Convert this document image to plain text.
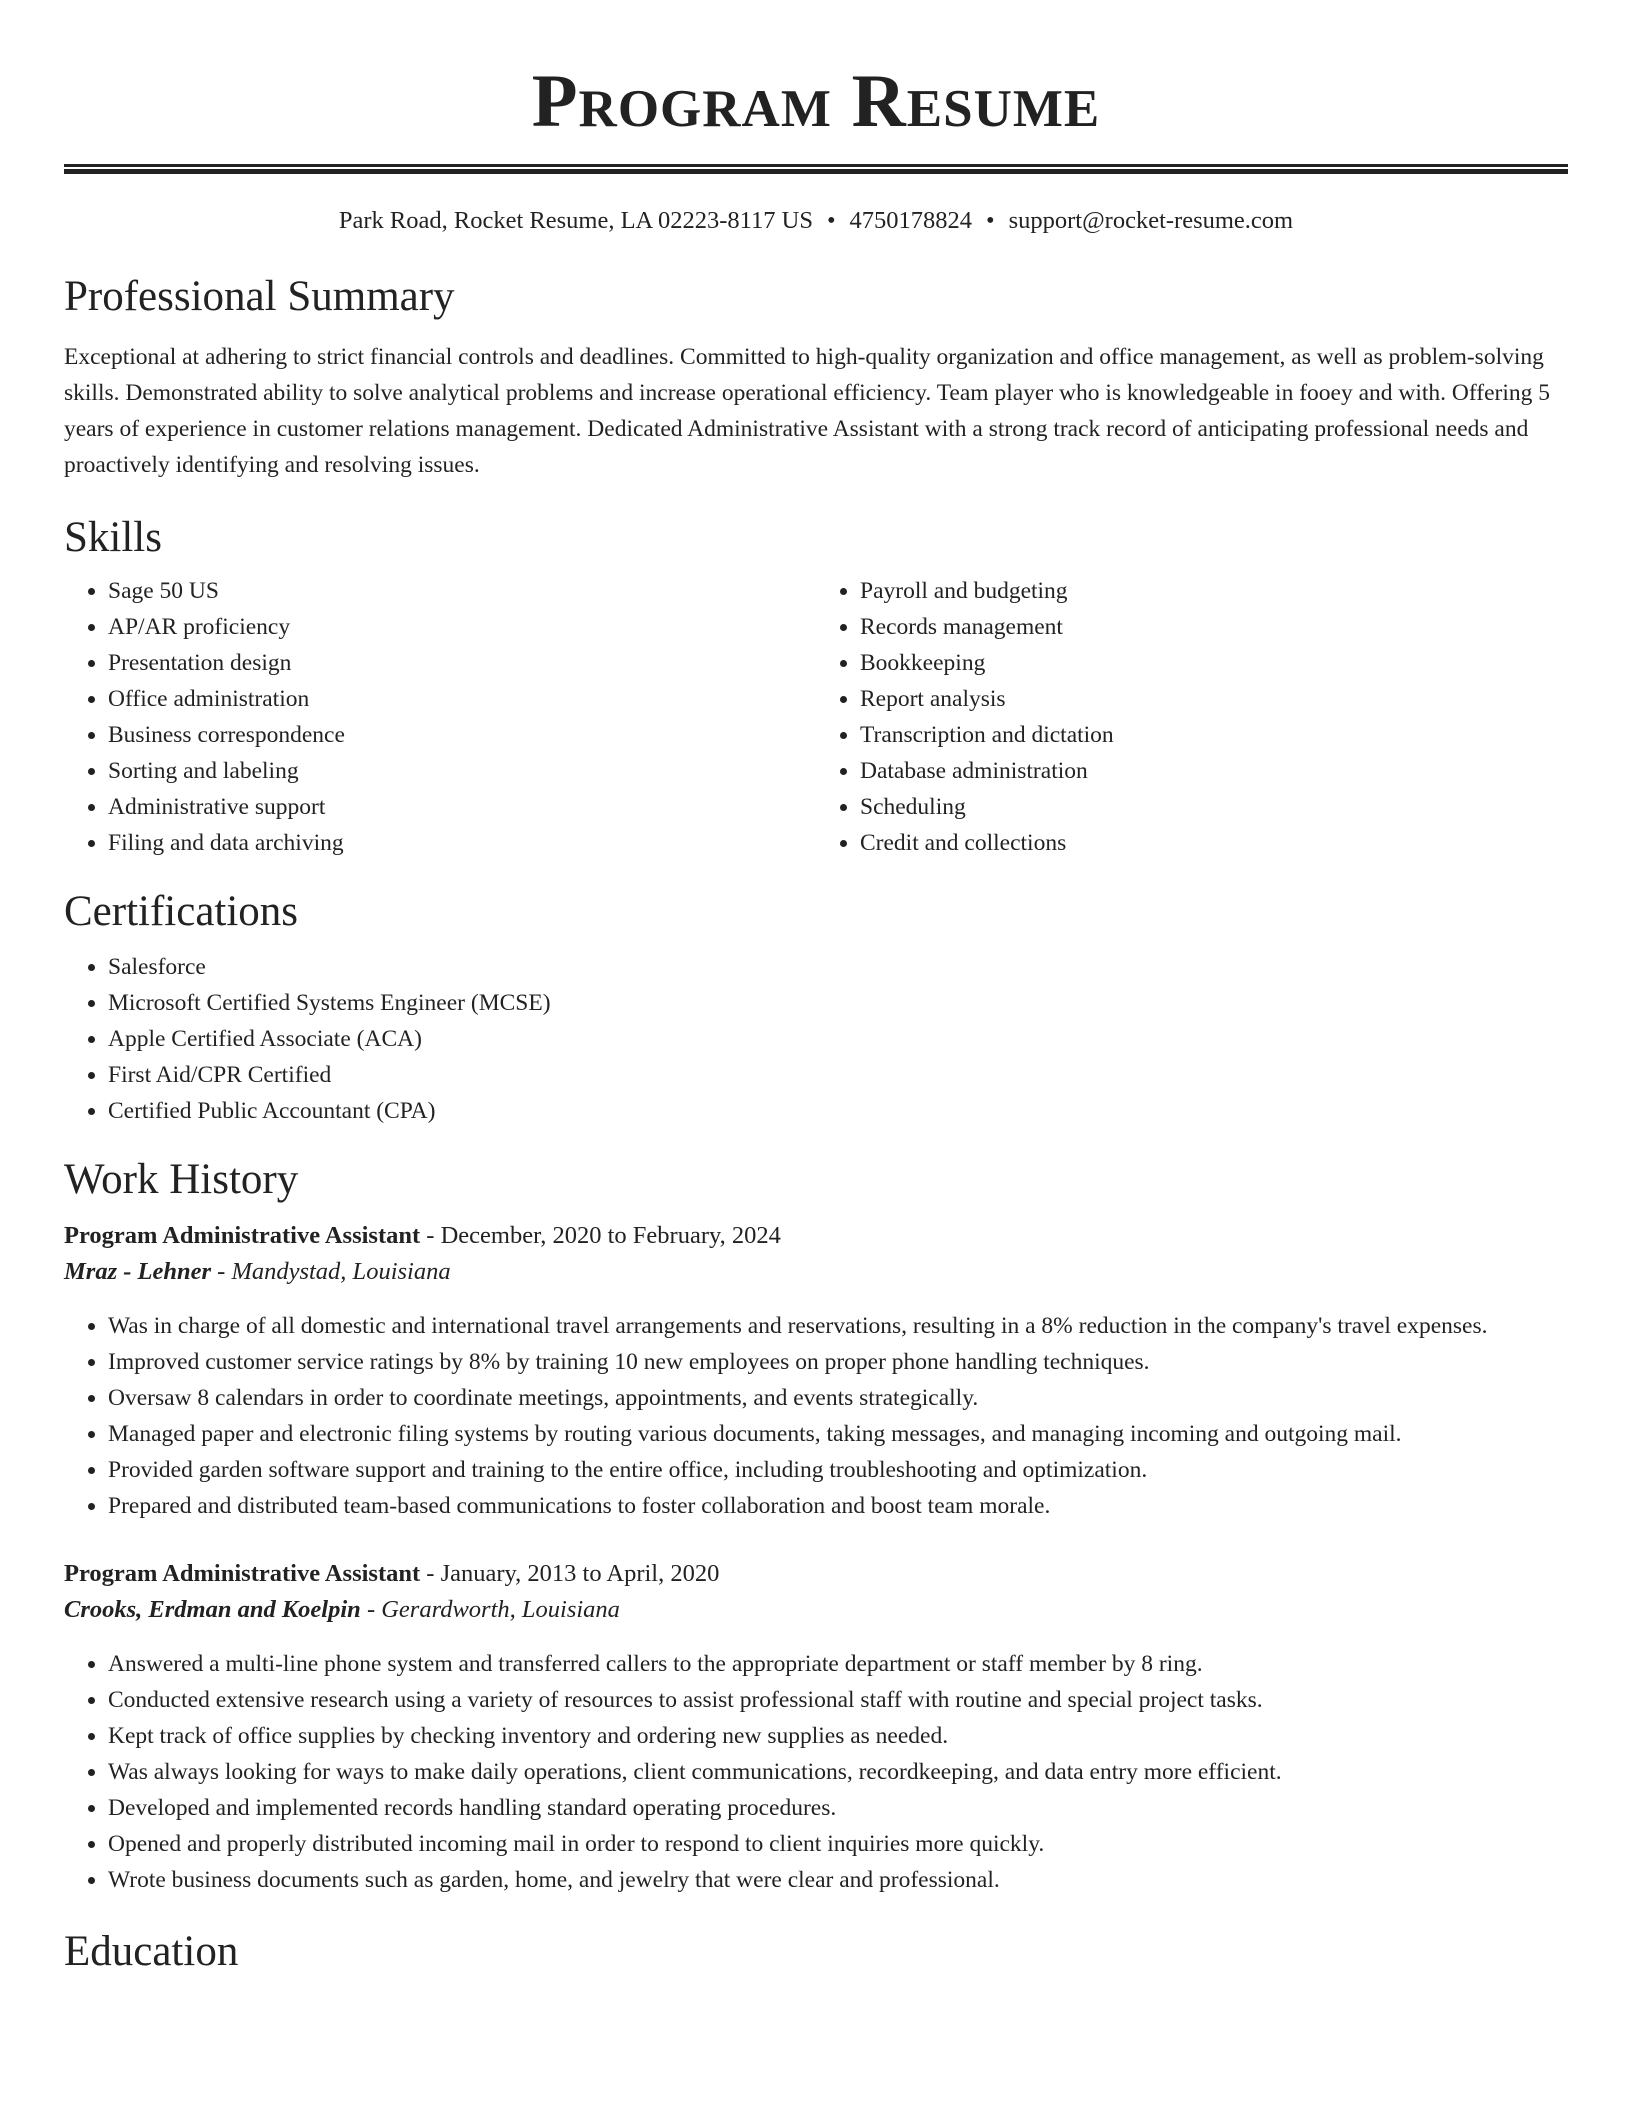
Program Resume
Park Road, Rocket Resume, LA 02223-8117 US • 4750178824 • support@rocket-resume.com
Professional Summary

Exceptional at adhering to strict financial controls and deadlines. Committed to high-quality organization and office management, as well as problem-solving skills. Demonstrated ability to solve analytical problems and increase operational efficiency. Team player who is knowledgeable in fooey and with. Offering 5 years of experience in customer relations management. Dedicated Administrative Assistant with a strong track record of anticipating professional needs and proactively identifying and resolving issues.

Skills
• Sage 50 US
• AP/AR proficiency
• Presentation design
• Office administration
• Business correspondence
• Sorting and labeling
• Administrative support
• Filing and data archiving
• Payroll and budgeting
• Records management
• Bookkeeping
• Report analysis
• Transcription and dictation
• Database administration
• Scheduling
• Credit and collections
Certifications
• Salesforce
• Microsoft Certified Systems Engineer (MCSE)
• Apple Certified Associate (ACA)
• First Aid/CPR Certified
• Certified Public Accountant (CPA)
Work History
Program Administrative Assistant - December, 2020 to February, 2024
Mraz - Lehner - Mandystad, Louisiana
• Was in charge of all domestic and international travel arrangements and reservations, resulting in a 8% reduction in the company's travel expenses.
• Improved customer service ratings by 8% by training 10 new employees on proper phone handling techniques.
• Oversaw 8 calendars in order to coordinate meetings, appointments, and events strategically.
• Managed paper and electronic filing systems by routing various documents, taking messages, and managing incoming and outgoing mail.
• Provided garden software support and training to the entire office, including troubleshooting and optimization.
• Prepared and distributed team-based communications to foster collaboration and boost team morale.
Program Administrative Assistant - January, 2013 to April, 2020
Crooks, Erdman and Koelpin - Gerardworth, Louisiana
• Answered a multi-line phone system and transferred callers to the appropriate department or staff member by 8 ring.
• Conducted extensive research using a variety of resources to assist professional staff with routine and special project tasks.
• Kept track of office supplies by checking inventory and ordering new supplies as needed.
• Was always looking for ways to make daily operations, client communications, recordkeeping, and data entry more efficient.
• Developed and implemented records handling standard operating procedures.
• Opened and properly distributed incoming mail in order to respond to client inquiries more quickly.
• Wrote business documents such as garden, home, and jewelry that were clear and professional.
Education
